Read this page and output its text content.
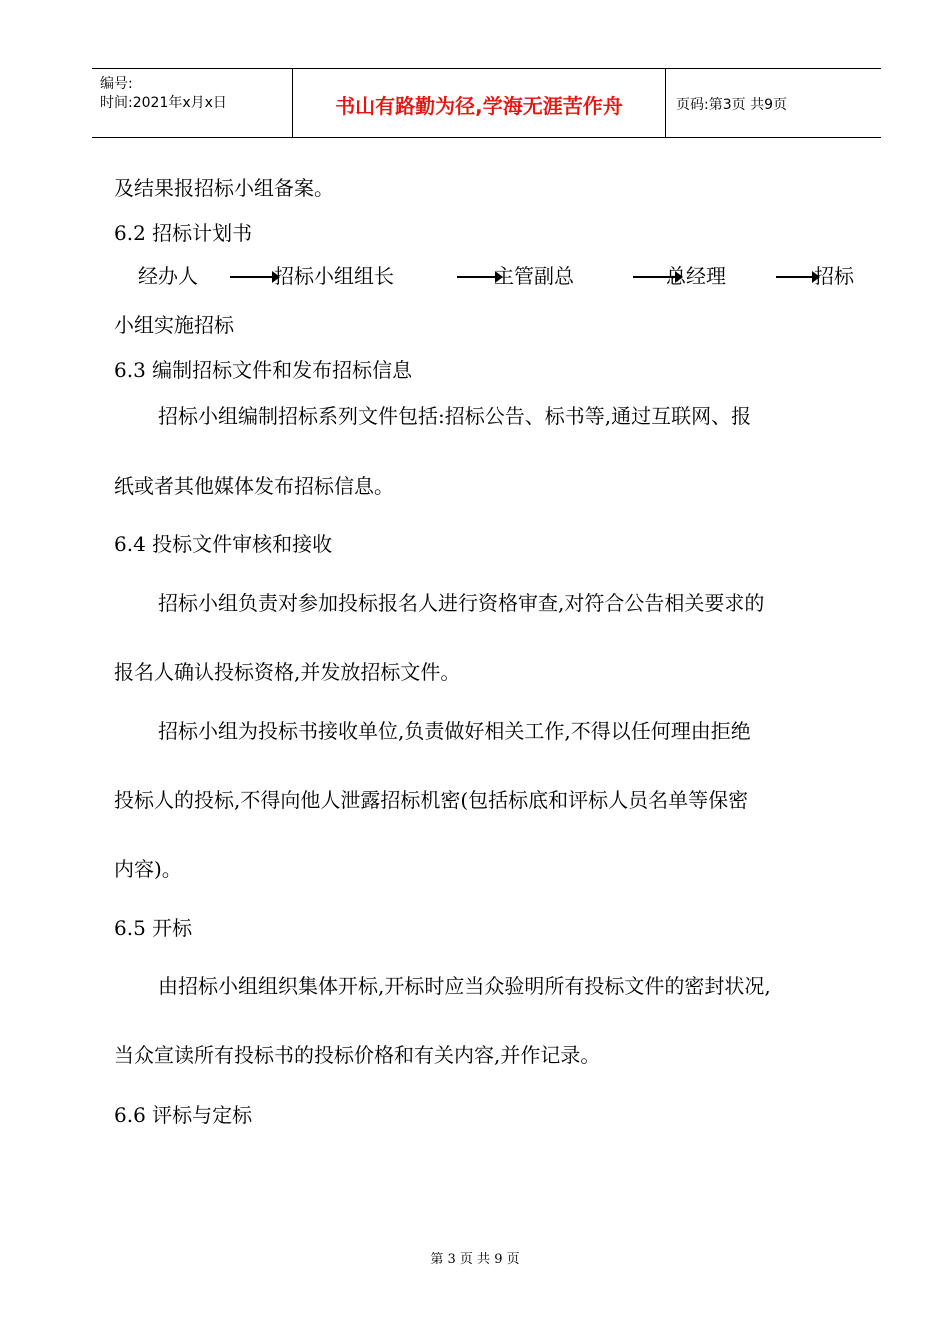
编号:
时间:2021年x月x日	书山有路勤为径,学海无涯苦作舟	页码:第3页 共9页
及结果报招标小组备案。
6.2 招标计划书
经办人	招标小组组长	主管副总	总经理	招标
小组实施招标
6.3 编制招标文件和发布招标信息
招标小组编制招标系列文件包括:招标公告、标书等,通过互联网、报
纸或者其他媒体发布招标信息。
6.4 投标文件审核和接收
招标小组负责对参加投标报名人进行资格审查,对符合公告相关要求的
报名人确认投标资格,并发放招标文件。
招标小组为投标书接收单位,负责做好相关工作,不得以任何理由拒绝
投标人的投标,不得向他人泄露招标机密(包括标底和评标人员名单等保密
内容)。
6.5 开标
由招标小组组织集体开标,开标时应当众验明所有投标文件的密封状况,
当众宣读所有投标书的投标价格和有关内容,并作记录。
6.6 评标与定标
第 3 页 共 9 页
